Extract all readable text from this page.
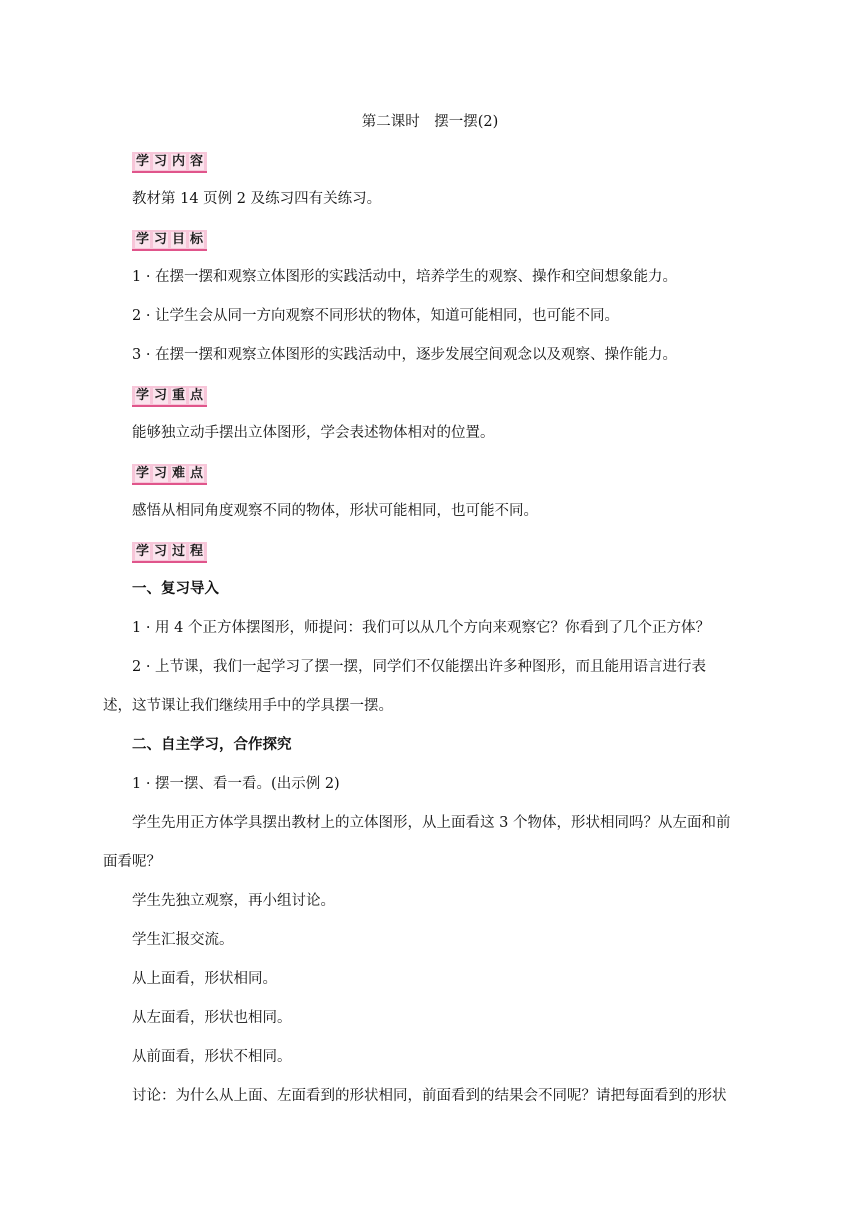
第二课时　摆一摆(2)
学 习 内 容
教材第 14 页例 2 及练习四有关练习。
学 习 目 标
1 · 在摆一摆和观察立体图形的实践活动中，培养学生的观察、操作和空间想象能力。
2 · 让学生会从同一方向观察不同形状的物体，知道可能相同，也可能不同。
3 · 在摆一摆和观察立体图形的实践活动中，逐步发展空间观念以及观察、操作能力。
学 习 重 点
能够独立动手摆出立体图形，学会表述物体相对的位置。
学 习 难 点
感悟从相同角度观察不同的物体，形状可能相同，也可能不同。
学 习 过 程
一、复习导入
1 · 用 4 个正方体摆图形，师提问：我们可以从几个方向来观察它？你看到了几个正方体？
2 · 上节课，我们一起学习了摆一摆，同学们不仅能摆出许多种图形，而且能用语言进行表
述，这节课让我们继续用手中的学具摆一摆。
二、自主学习，合作探究
1 · 摆一摆、看一看。(出示例 2)
学生先用正方体学具摆出教材上的立体图形，从上面看这 3 个物体，形状相同吗？从左面和前
面看呢？
学生先独立观察，再小组讨论。
学生汇报交流。
从上面看，形状相同。
从左面看，形状也相同。
从前面看，形状不相同。
讨论：为什么从上面、左面看到的形状相同，前面看到的结果会不同呢？请把每面看到的形状
